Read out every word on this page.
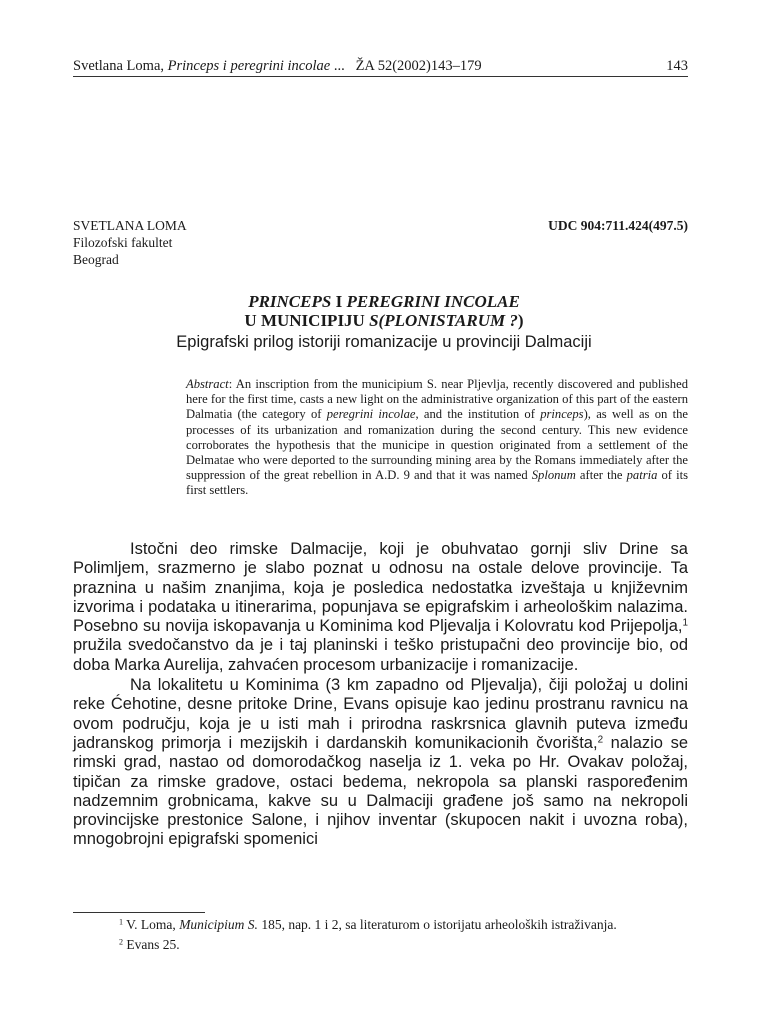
Svetlana Loma, Princeps i peregrini incolae ... ŽA 52(2002)143–179	143
SVETLANA LOMA
Filozofski fakultet
Beograd
UDC 904:711.424(497.5)
PRINCEPS I PEREGRINI INCOLAE
U MUNICIPIJU S(PLONISTARUM ?)
Epigrafski prilog istoriji romanizacije u provinciji Dalmaciji
Abstract: An inscription from the municipium S. near Pljevlja, recently discovered and published here for the first time, casts a new light on the administrative organization of this part of the eastern Dalmatia (the category of peregrini incolae, and the institution of princeps), as well as on the processes of its urbanization and romanization during the second century. This new evidence corroborates the hypothesis that the municipe in question originated from a settlement of the Delmatae who were deported to the surrounding mining area by the Romans immediately after the suppression of the great rebellion in A.D. 9 and that it was named Splonum after the patria of its first settlers.

Istočni deo rimske Dalmacije, koji je obuhvatao gornji sliv Drine sa Polimljem, srazmerno je slabo poznat u odnosu na ostale delove provincije. Ta praznina u našim znanjima, koja je posledica nedostatka izveštaja u književnim izvorima i podataka u itinerarima, popunjava se epigrafskim i arheološkim nalazima. Posebno su novija iskopavanja u Kominima kod Pljevalja i Kolovratu kod Prijepolja,$^1$ pružila svedočanstvo da je i taj planinski i teško pristupačni deo provincije bio, od doba Marka Aurelija, zahvaćen procesom urbanizacije i romanizacije.

Na lokalitetu u Kominima (3 km zapadno od Pljevalja), čiji položaj u dolini reke Ćehotine, desne pritoke Drine, Evans opisuje kao jedinu prostranu ravnicu na ovom području, koja je u isti mah i prirodna raskrsnica glavnih puteva između jadranskog primorja i mezijskih i dardanskih komunikacionih čvorišta,$^2$ nalazio se rimski grad, nastao od domorodačkog naselja iz 1. veka po Hr. Ovakav položaj, tipičan za rimske gradove, ostaci bedema, nekropola sa planski raspoređenim nadzemnim grobnicama, kakve su u Dalmaciji građene još samo na nekropoli provincijske prestonice Salone, i njihov inventar (skupocen nakit i uvozna roba), mnogobrojni epigrafski spomenici

$^1$ V. Loma, Municipium S. 185, nap. 1 i 2, sa literaturom o istorijatu arheoloških istraživanja.

$^2$ Evans 25.
